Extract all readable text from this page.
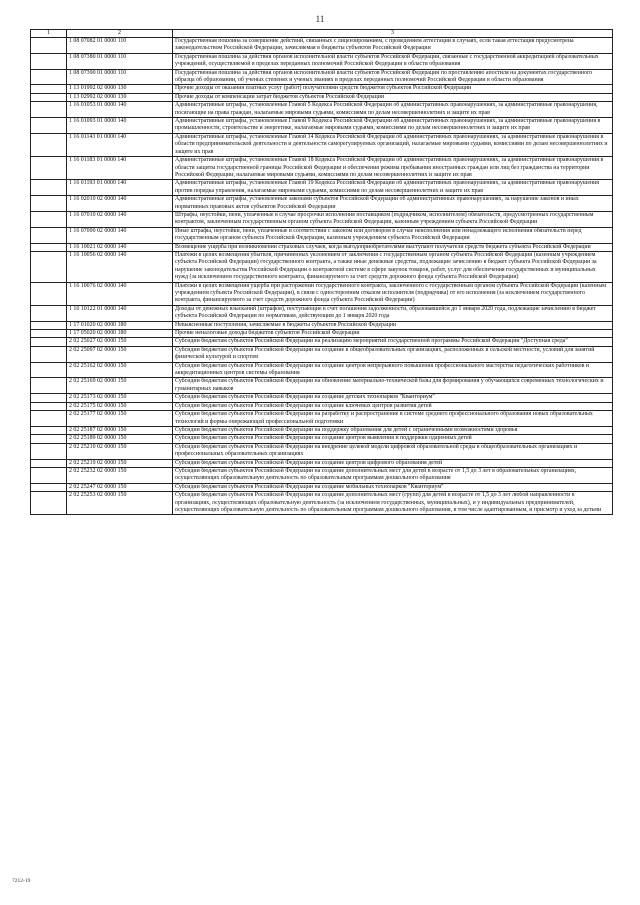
11
1	2	3
	1 08 07082 01 0000 110	Государственная пошлина за совершение действий, связанных с лицензированием, с проведением аттестации в случаях, если такая аттестация предусмотрена законодательством Российской Федерации, зачисляемая в бюджеты субъектов Российской Федерации
	1 08 07380 01 0000 110	Государственная пошлина за действия органов исполнительной власти субъектов Российской Федерации, связанные с государственной аккредитацией образовательных учреждений, осуществляемой в пределах переданных полномочий Российской Федерации в области образования
	1 08 07390 01 0000 110	Государственная пошлина за действия органов исполнительной власти субъектов Российской Федерации по проставлению апостиля на документах государственного образца об образовании, об ученых степенях и ученых званиях в пределах переданных полномочий Российской Федерации в области образования
	1 13 01992 02 0000 130	Прочие доходы от оказания платных услуг (работ) получателями средств бюджетов субъектов Российской Федерации
	1 13 02992 02 0000 130	Прочие доходы от компенсации затрат бюджетов субъектов Российской Федерации
	1 16 01053 01 0000 140	Административные штрафы, установленные Главой 5 Кодекса Российской Федерации об административных правонарушениях, за административные правонарушения, посягающие на права граждан, налагаемые мировыми судьями, комиссиями по делам несовершеннолетних и защите их прав
	1 16 01093 01 0000 140	Административные штрафы, установленные Главой 9 Кодекса Российской Федерации об административных правонарушениях, за административные правонарушения в промышленности, строительстве и энергетике, налагаемые мировыми судьями, комиссиями по делам несовершеннолетних и защите их прав
	1 16 01143 01 0000 140	Административные штрафы, установленные Главой 14 Кодекса Российской Федерации об административных правонарушениях, за административные правонарушения в области предпринимательской деятельности и деятельности саморегулируемых организаций, налагаемые мировыми судьями, комиссиями по делам несовершеннолетних и защите их прав
	1 16 01183 01 0000 140	Административные штрафы, установленные Главой 18 Кодекса Российской Федерации об административных правонарушениях, за административные правонарушения в области защиты государственной границы Российской Федерации и обеспечения режима пребывания иностранных граждан или лиц без гражданства на территории Российской Федерации, налагаемые мировыми судьями, комиссиями по делам несовершеннолетних и защите их прав
	1 16 01193 01 0000 140	Административные штрафы, установленные Главой 19 Кодекса Российской Федерации об административных правонарушениях, за административные правонарушения против порядка управления, налагаемые мировыми судьями, комиссиями по делам несовершеннолетних и защите их прав
	1 16 02010 02 0000 140	Административные штрафы, установленные законами субъектов Российской Федерации об административных правонарушениях, за нарушение законов и иных нормативных правовых актов субъектов Российской Федерации
	1 16 07010 02 0000 140	Штрафы, неустойки, пени, уплаченные в случае просрочки исполнения поставщиком (подрядчиком, исполнителем) обязательств, предусмотренных государственным контрактом, заключенным государственным органом субъекта Российской Федерации, казенным учреждением субъекта Российской Федерации
	1 16 07090 02 0000 140	Иные штрафы, неустойки, пени, уплаченные в соответствии с законом или договором в случае неисполнения или ненадлежащего исполнения обязательств перед государственным органом субъекта Российской Федерации, казенным учреждением субъекта Российской Федерации
	1 16 10021 02 0000 140	Возмещение ущерба при возникновении страховых случаев, когда выгодоприобретателями выступают получатели средств бюджета субъекта Российской Федерации
	1 16 10056 02 0000 140	Платежи в целях возмещения убытков, причиненных уклонением от заключения с государственным органом субъекта Российской Федерации (казенным учреждением субъекта Российской Федерации) государственного контракта, а также иные денежные средства, подлежащие зачислению в бюджет субъекта Российской Федерации за нарушение законодательства Российской Федерации о контрактной системе в сфере закупок товаров, работ, услуг для обеспечения государственных и муниципальных нужд (за исключением государственного контракта, финансируемого за счет средств дорожного фонда субъекта Российской Федерации)
	1 16 10076 02 0000 140	Платежи в целях возмещения ущерба при расторжении государственного контракта, заключенного с государственным органом субъекта Российской Федерации (казенным учреждением субъекта Российской Федерации), в связи с односторонним отказом исполнителя (подрядчика) от его исполнения (за исключением государственного контракта, финансируемого за счет средств дорожного фонда субъекта Российской Федерации)
	1 16 10122 01 0000 140	Доходы от денежных взысканий (штрафов), поступающие в счет погашения задолженности, образовавшейся до 1 января 2020 года, подлежащие зачислению в бюджет субъекта Российской Федерации по нормативам, действующим до 1 января 2020 года
	1 17 01020 02 0000 180	Невыясненные поступления, зачисляемые в бюджеты субъектов Российской Федерации
	1 17 05020 02 0000 180	Прочие неналоговые доходы бюджетов субъектов Российской Федерации
	2 02 25027 02 0000 150	Субсидии бюджетам субъектов Российской Федерации на реализацию мероприятий государственной программы Российской Федерации "Доступная среда"
	2 02 25097 02 0000 150	Субсидии бюджетам субъектов Российской Федерации на создание в общеобразовательных организациях, расположенных в сельской местности, условий для занятий физической культурой и спортом
	2 02 25162 02 0000 150	Субсидии бюджетам субъектов Российской Федерации на создание центров непрерывного повышения профессионального мастерства педагогических работников и аккредитационных центров системы образования
	2 02 25169 02 0000 150	Субсидии бюджетам субъектов Российской Федерации на обновление материально-технической базы для формирования у обучающихся современных технологических и гуманитарных навыков
	2 02 25173 02 0000 150	Субсидии бюджетам субъектов Российской Федерации на создание детских технопарков "Кванториум"
	2 02 25175 02 0000 150	Субсидии бюджетам субъектов Российской Федерации на создание ключевых центров развития детей
	2 02 25177 02 0000 150	Субсидии бюджетам субъектов Российской Федерации на разработку и распространение в системе среднего профессионального образования новых образовательных технологий и формы опережающей профессиональной подготовки
	2 02 25187 02 0000 150	Субсидии бюджетам субъектов Российской Федерации на поддержку образования для детей с ограниченными возможностями здоровья
	2 02 25189 02 0000 150	Субсидии бюджетам субъектов Российской Федерации на создание центров выявления и поддержки одаренных детей
	2 02 25210 02 0000 150	Субсидии бюджетам субъектов Российской Федерации на внедрение целевой модели цифровой образовательной среды в общеобразовательных организациях и профессиональных образовательных организациях
	2 02 25219 02 0000 150	Субсидии бюджетам субъектов Российской Федерации на создание центров цифрового образования детей
	2 02 25232 02 0000 150	Субсидии бюджетам субъектов Российской Федерации на создание дополнительных мест для детей в возрасте от 1,5 до 3 лет в образовательных организациях, осуществляющих образовательную деятельность по образовательным программам дошкольного образования
	2 02 25247 02 0000 150	Субсидии бюджетам субъектов Российской Федерации на создание мобильных технопарков "Кванториум"
	2 02 25253 02 0000 150	Субсидии бюджетам субъектов Российской Федерации на создание дополнительных мест (групп) для детей в возрасте от 1,5 до 3 лет любой направленности в организациях, осуществляющих образовательную деятельность (за исключением государственных, муниципальных), и у индивидуальных предпринимателей, осуществляющих образовательную деятельность по образовательным программам дошкольного образования, в том числе адаптированным, и присмотр и уход за детьми
7212-19
